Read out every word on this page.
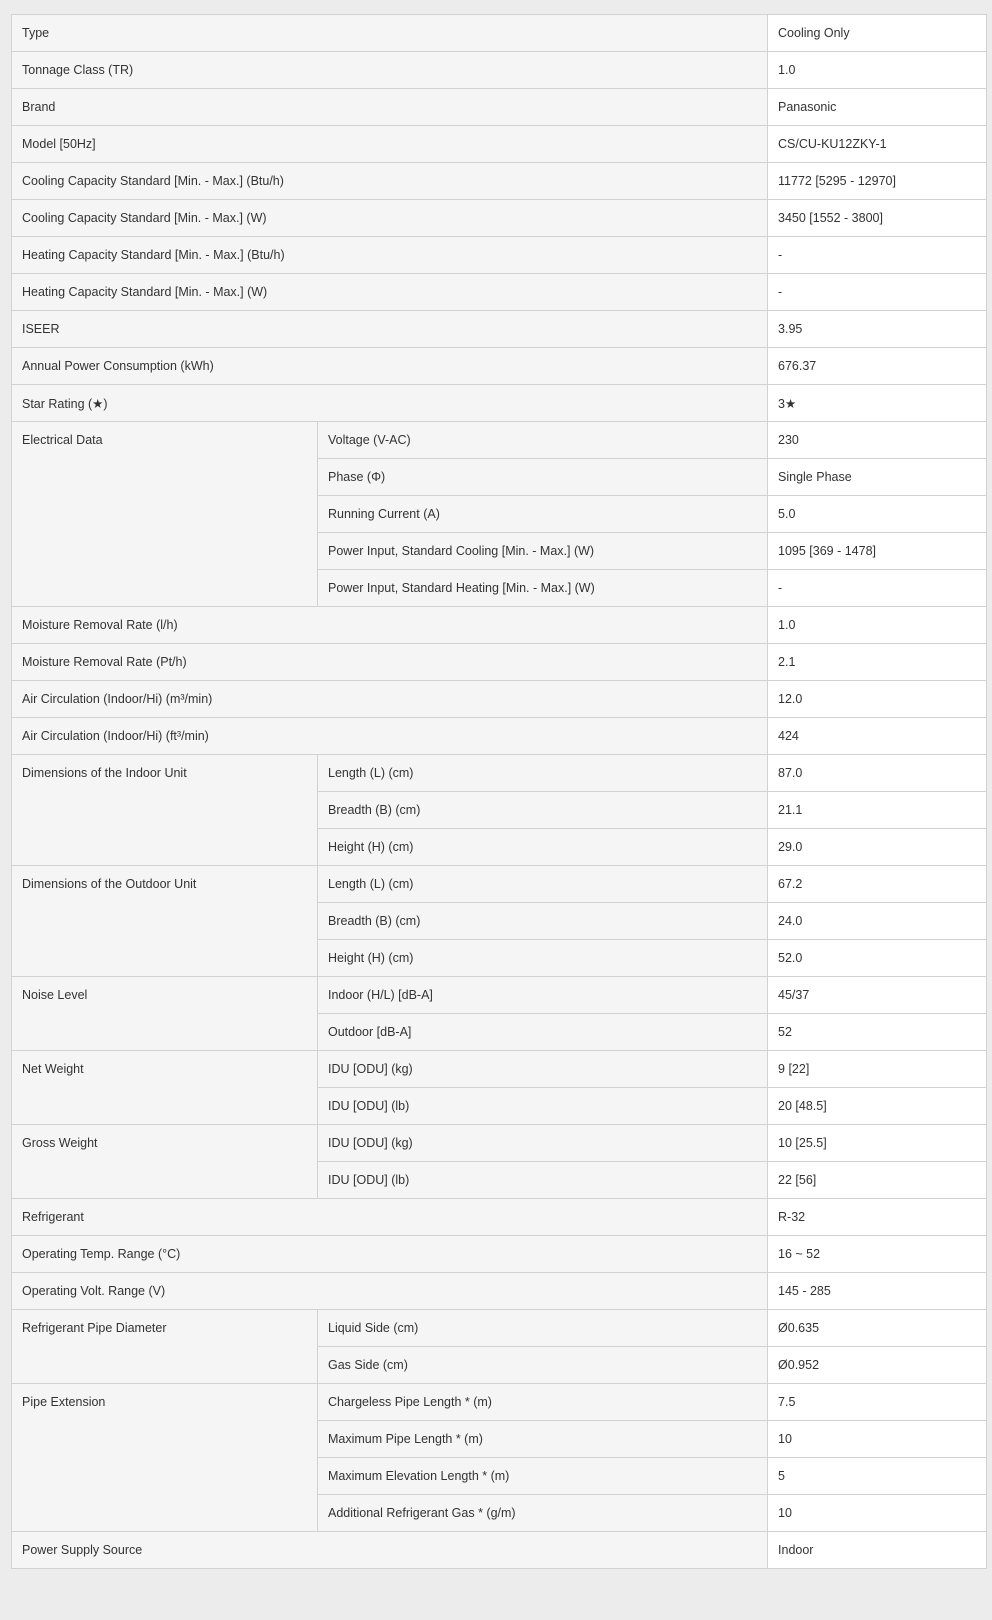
Type		Cooling Only
Tonnage Class (TR)		1.0
Brand		Panasonic
Model [50Hz]		CS/CU-KU12ZKY-1
Cooling Capacity Standard [Min. - Max.] (Btu/h)		11772 [5295 - 12970]
Cooling Capacity Standard [Min. - Max.] (W)		3450 [1552 - 3800]
Heating Capacity Standard [Min. - Max.] (Btu/h)		-
Heating Capacity Standard [Min. - Max.] (W)		-
ISEER		3.95
Annual Power Consumption (kWh)		676.37
Star Rating (★)		3★
Electrical Data	Voltage (V-AC)	230
	Phase (Φ)	Single Phase
	Running Current (A)	5.0
	Power Input, Standard Cooling [Min. - Max.] (W)	1095 [369 - 1478]
	Power Input, Standard Heating [Min. - Max.] (W)	-
Moisture Removal Rate (l/h)		1.0
Moisture Removal Rate (Pt/h)		2.1
Air Circulation (Indoor/Hi) (m³/min)		12.0
Air Circulation (Indoor/Hi) (ft³/min)		424
Dimensions of the Indoor Unit	Length (L) (cm)	87.0
	Breadth (B) (cm)	21.1
	Height (H) (cm)	29.0
Dimensions of the Outdoor Unit	Length (L) (cm)	67.2
	Breadth (B) (cm)	24.0
	Height (H) (cm)	52.0
Noise Level	Indoor (H/L) [dB-A]	45/37
	Outdoor [dB-A]	52
Net Weight	IDU [ODU] (kg)	9 [22]
	IDU [ODU] (lb)	20 [48.5]
Gross Weight	IDU [ODU] (kg)	10 [25.5]
	IDU [ODU] (lb)	22 [56]
Refrigerant		R-32
Operating Temp. Range (°C)		16 ~ 52
Operating Volt. Range (V)		145 - 285
Refrigerant Pipe Diameter	Liquid Side (cm)	Ø0.635
	Gas Side (cm)	Ø0.952
Pipe Extension	Chargeless Pipe Length * (m)	7.5
	Maximum Pipe Length * (m)	10
	Maximum Elevation Length * (m)	5
	Additional Refrigerant Gas * (g/m)	10
Power Supply Source		Indoor
